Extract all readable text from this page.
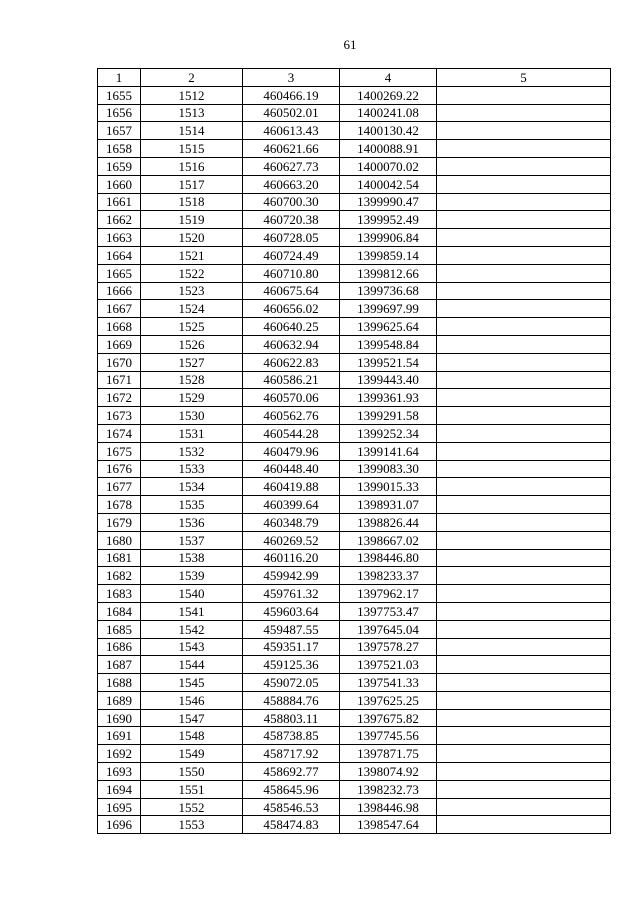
61
1	2	3	4	5
1655	1512	460466.19	1400269.22	
1656	1513	460502.01	1400241.08	
1657	1514	460613.43	1400130.42	
1658	1515	460621.66	1400088.91	
1659	1516	460627.73	1400070.02	
1660	1517	460663.20	1400042.54	
1661	1518	460700.30	1399990.47	
1662	1519	460720.38	1399952.49	
1663	1520	460728.05	1399906.84	
1664	1521	460724.49	1399859.14	
1665	1522	460710.80	1399812.66	
1666	1523	460675.64	1399736.68	
1667	1524	460656.02	1399697.99	
1668	1525	460640.25	1399625.64	
1669	1526	460632.94	1399548.84	
1670	1527	460622.83	1399521.54	
1671	1528	460586.21	1399443.40	
1672	1529	460570.06	1399361.93	
1673	1530	460562.76	1399291.58	
1674	1531	460544.28	1399252.34	
1675	1532	460479.96	1399141.64	
1676	1533	460448.40	1399083.30	
1677	1534	460419.88	1399015.33	
1678	1535	460399.64	1398931.07	
1679	1536	460348.79	1398826.44	
1680	1537	460269.52	1398667.02	
1681	1538	460116.20	1398446.80	
1682	1539	459942.99	1398233.37	
1683	1540	459761.32	1397962.17	
1684	1541	459603.64	1397753.47	
1685	1542	459487.55	1397645.04	
1686	1543	459351.17	1397578.27	
1687	1544	459125.36	1397521.03	
1688	1545	459072.05	1397541.33	
1689	1546	458884.76	1397625.25	
1690	1547	458803.11	1397675.82	
1691	1548	458738.85	1397745.56	
1692	1549	458717.92	1397871.75	
1693	1550	458692.77	1398074.92	
1694	1551	458645.96	1398232.73	
1695	1552	458546.53	1398446.98	
1696	1553	458474.83	1398547.64	
